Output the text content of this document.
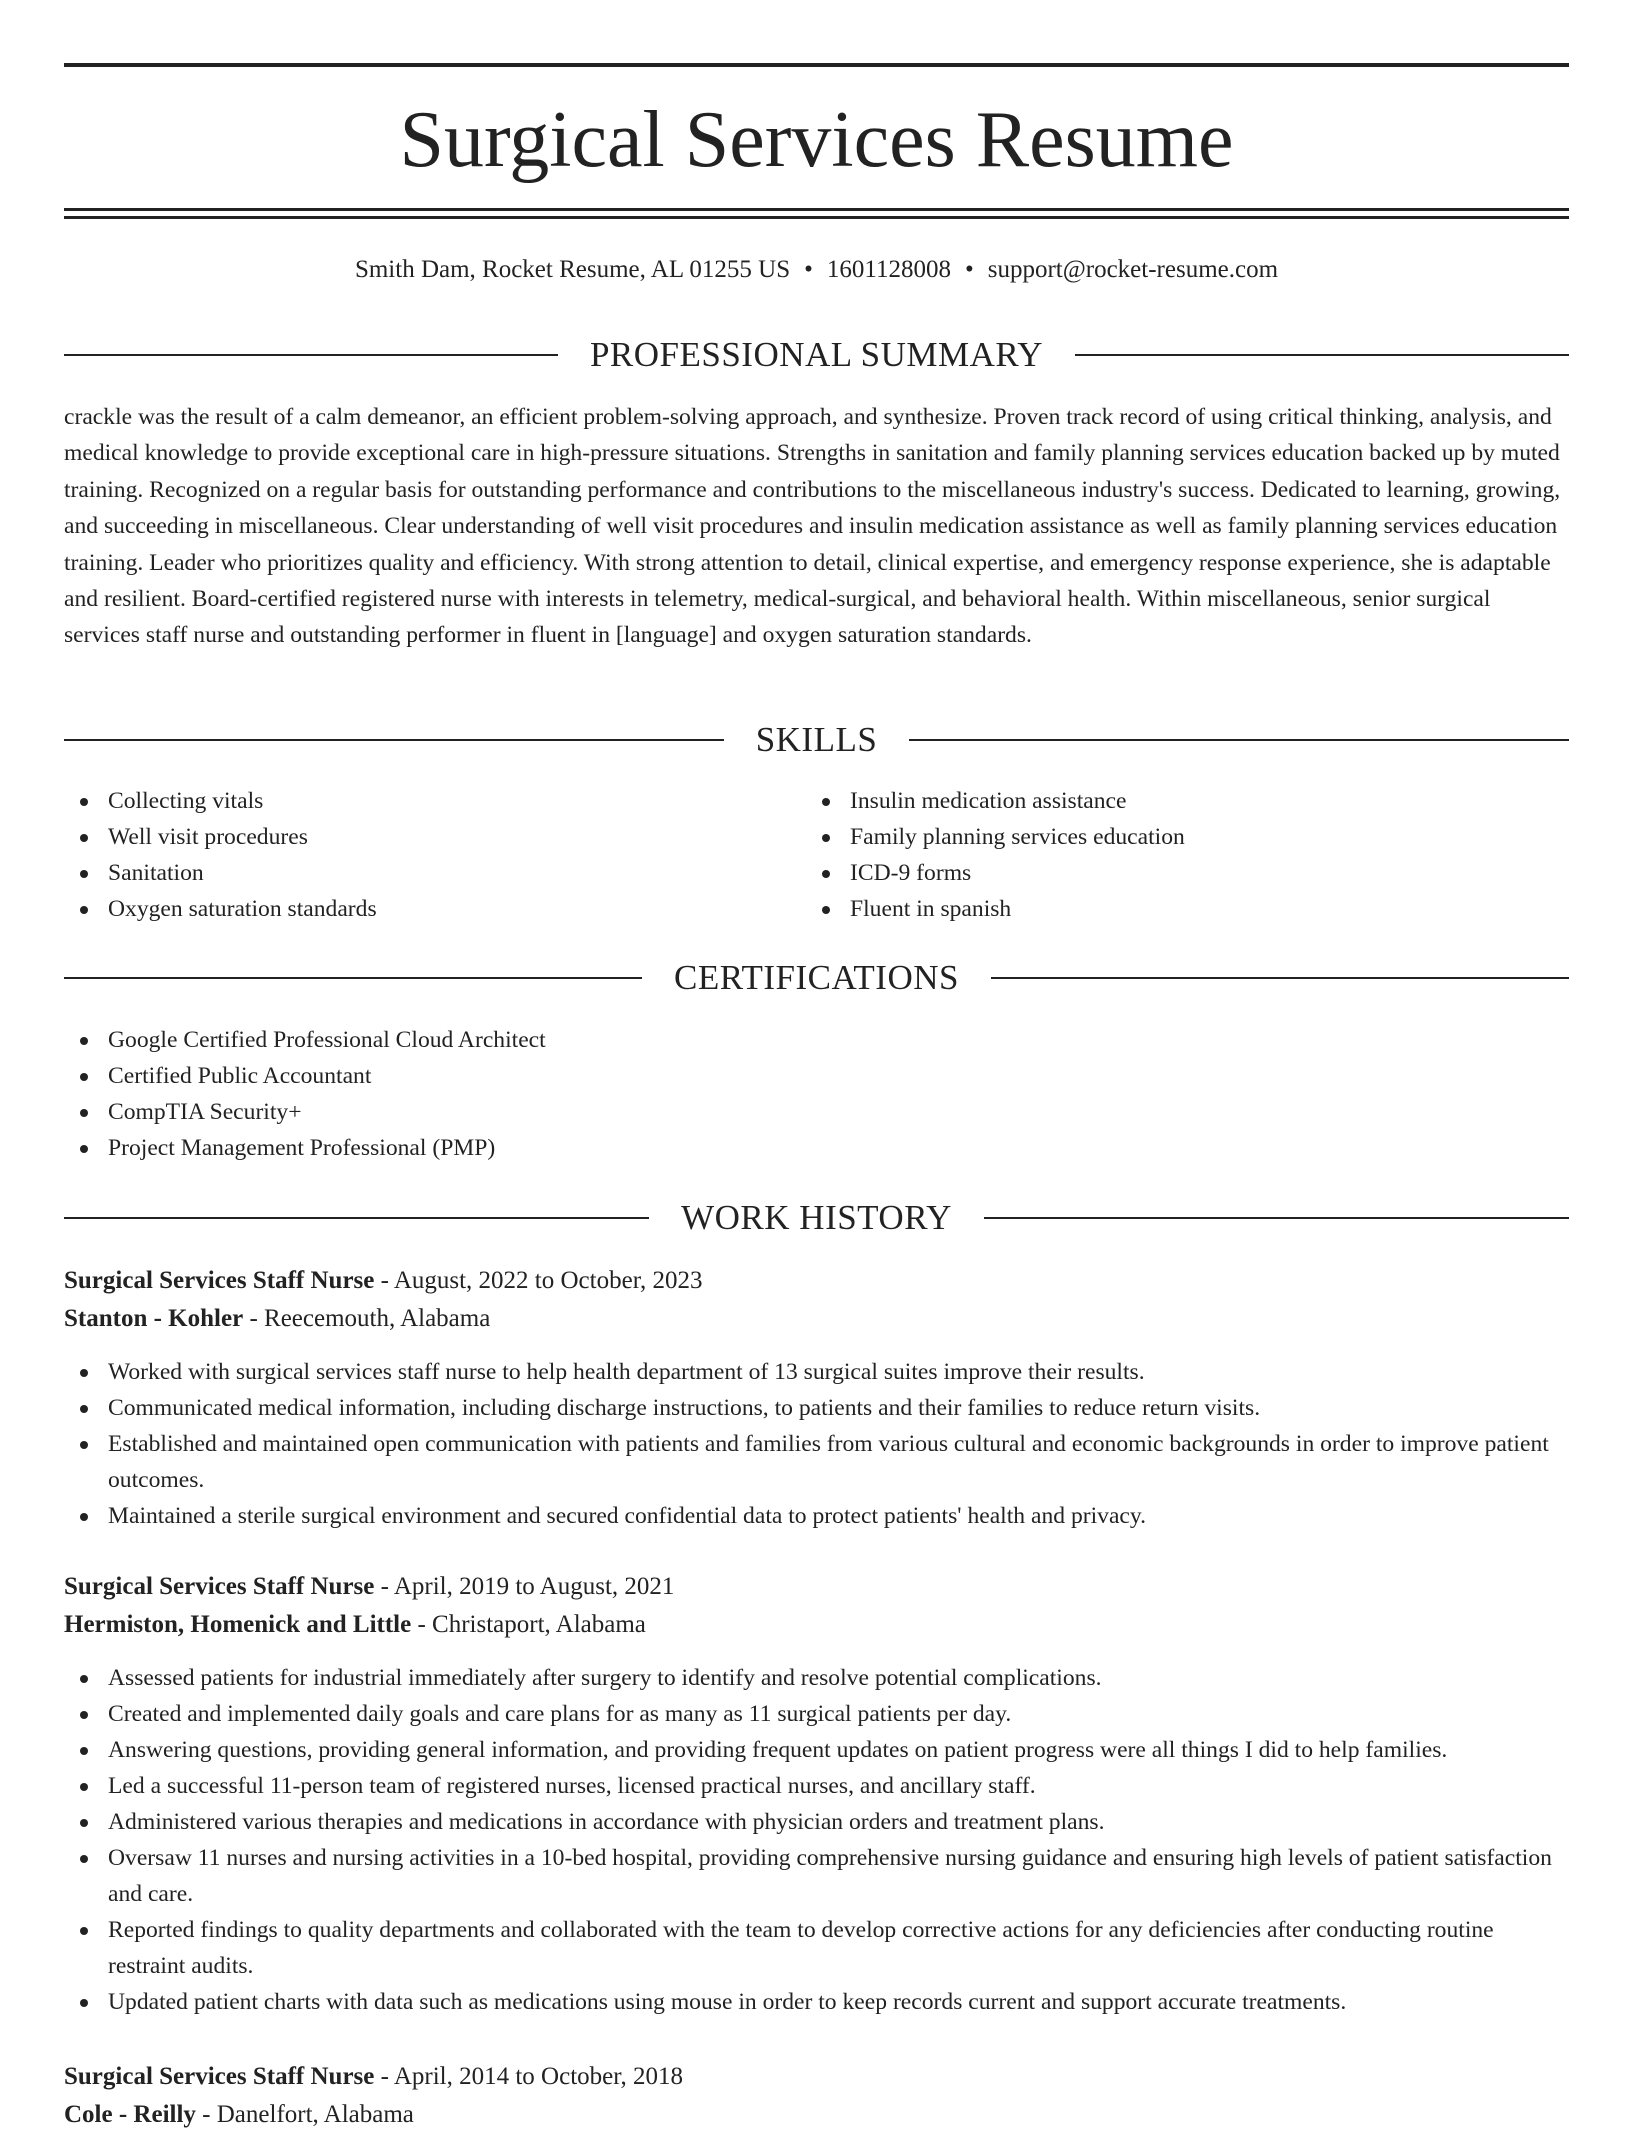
Surgical Services Resume
Smith Dam, Rocket Resume, AL 01255 US • 1601128008 • support@rocket-resume.com
PROFESSIONAL SUMMARY

crackle was the result of a calm demeanor, an efficient problem-solving approach, and synthesize. Proven track record of using critical thinking, analysis, and medical knowledge to provide exceptional care in high-pressure situations. Strengths in sanitation and family planning services education backed up by muted training. Recognized on a regular basis for outstanding performance and contributions to the miscellaneous industry's success. Dedicated to learning, growing, and succeeding in miscellaneous. Clear understanding of well visit procedures and insulin medication assistance as well as family planning services education training. Leader who prioritizes quality and efficiency. With strong attention to detail, clinical expertise, and emergency response experience, she is adaptable and resilient. Board-certified registered nurse with interests in telemetry, medical-surgical, and behavioral health. Within miscellaneous, senior surgical services staff nurse and outstanding performer in fluent in [language] and oxygen saturation standards.

SKILLS
Collecting vitals
Well visit procedures
Sanitation
Oxygen saturation standards
Insulin medication assistance
Family planning services education
ICD-9 forms
Fluent in spanish
CERTIFICATIONS
Google Certified Professional Cloud Architect
Certified Public Accountant
CompTIA Security+
Project Management Professional (PMP)
WORK HISTORY
Surgical Services Staff Nurse - August, 2022 to October, 2023
Stanton - Kohler - Reecemouth, Alabama
Worked with surgical services staff nurse to help health department of 13 surgical suites improve their results.
Communicated medical information, including discharge instructions, to patients and their families to reduce return visits.
Established and maintained open communication with patients and families from various cultural and economic backgrounds in order to improve patient outcomes.
Maintained a sterile surgical environment and secured confidential data to protect patients' health and privacy.
Surgical Services Staff Nurse - April, 2019 to August, 2021
Hermiston, Homenick and Little - Christaport, Alabama
Assessed patients for industrial immediately after surgery to identify and resolve potential complications.
Created and implemented daily goals and care plans for as many as 11 surgical patients per day.
Answering questions, providing general information, and providing frequent updates on patient progress were all things I did to help families.
Led a successful 11-person team of registered nurses, licensed practical nurses, and ancillary staff.
Administered various therapies and medications in accordance with physician orders and treatment plans.
Oversaw 11 nurses and nursing activities in a 10-bed hospital, providing comprehensive nursing guidance and ensuring high levels of patient satisfaction and care.
Reported findings to quality departments and collaborated with the team to develop corrective actions for any deficiencies after conducting routine restraint audits.
Updated patient charts with data such as medications using mouse in order to keep records current and support accurate treatments.
Surgical Services Staff Nurse - April, 2014 to October, 2018
Cole - Reilly - Danelfort, Alabama
